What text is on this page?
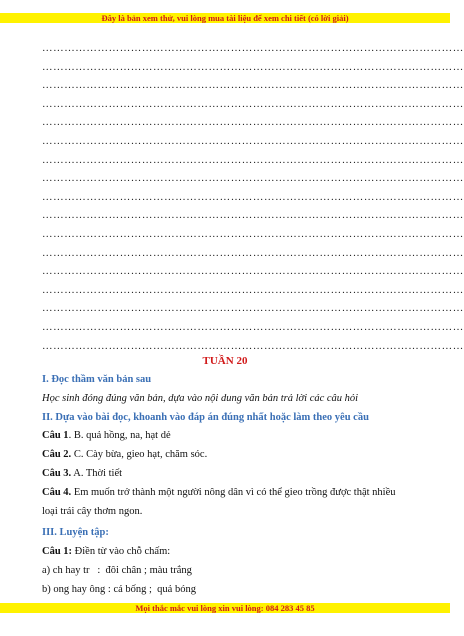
Đây là bản xem thử, vui lòng mua tài liệu để xem chi tiết (có lời giải)
……………………………………………………………………………………………………
……………………………………………………………………………………………………
……………………………………………………………………………………………………
……………………………………………………………………………………………………
……………………………………………………………………………………………………
……………………………………………………………………………………………………
……………………………………………………………………………………………………
……………………………………………………………………………………………………
……………………………………………………………………………………………………
……………………………………………………………………………………………………
……………………………………………………………………………………………………
……………………………………………………………………………………………………
……………………………………………………………………………………………………
……………………………………………………………………………………………………
……………………………………………………………………………………………………
……………………………………………………………………………………………………
……………………………………………………………………………………………………
TUẦN 20
I. Đọc thầm văn bản sau
Học sinh đóng đúng văn bản, dựa vào nội dung văn bản trả lời các câu hỏi
II. Dựa vào bài đọc, khoanh vào đáp án đúng nhất hoặc làm theo yêu cầu
Câu 1. B. quả hồng, na, hạt dẻ
Câu 2. C. Cày bừa, gieo hạt, chăm sóc.
Câu 3. A. Thời tiết
Câu 4. Em muốn trở thành một người nông dân vì có thể gieo trồng được thật nhiều loại trái cây thơm ngon.
III. Luyện tập:
Câu 1: Điền từ vào chỗ chấm:
a) ch hay tr   :  đôi chân ; màu trắng
b) ong hay ông : cá bống ;  quả bóng
Mọi thắc mắc vui lòng xin vui lòng: 084 283 45 85
